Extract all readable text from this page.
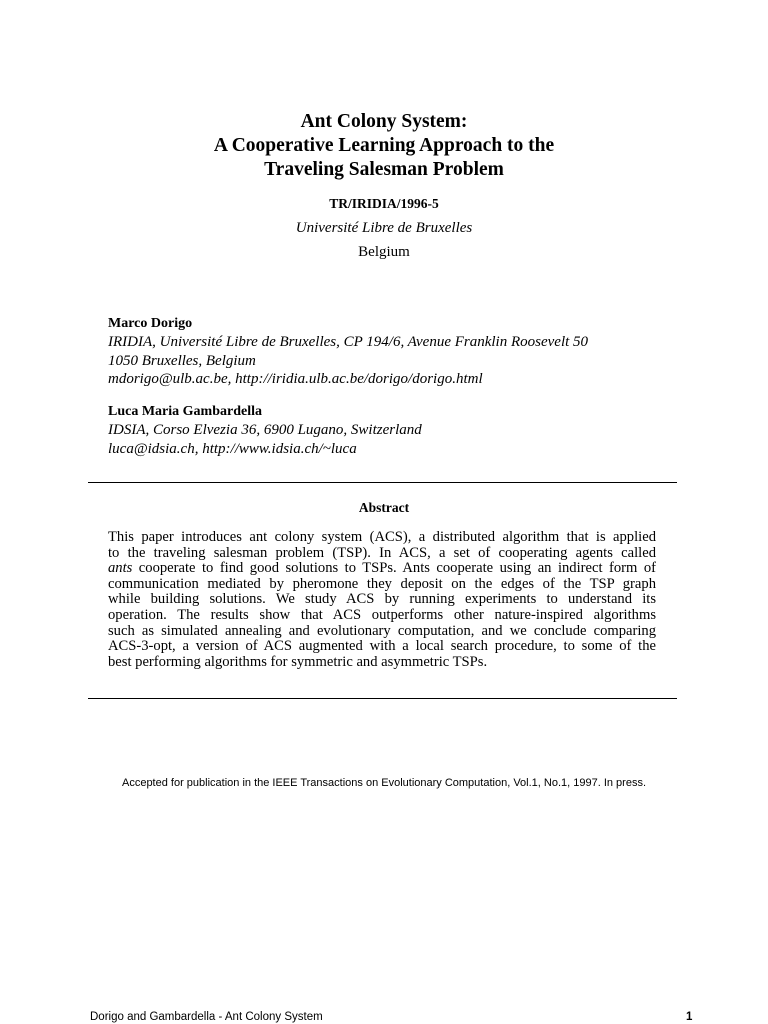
Ant Colony System:
A Cooperative Learning Approach to the
Traveling Salesman Problem
TR/IRIDIA/1996-5
Université Libre de Bruxelles
Belgium
Marco Dorigo
IRIDIA, Université Libre de Bruxelles, CP 194/6, Avenue Franklin Roosevelt 50
1050 Bruxelles, Belgium
mdorigo@ulb.ac.be, http://iridia.ulb.ac.be/dorigo/dorigo.html
Luca Maria Gambardella
IDSIA, Corso Elvezia 36, 6900 Lugano, Switzerland
luca@idsia.ch, http://www.idsia.ch/~luca
Abstract
This paper introduces ant colony system (ACS), a distributed algorithm that is applied
to the traveling salesman problem (TSP). In ACS, a set of cooperating agents called
ants cooperate to find good solutions to TSPs. Ants cooperate using an indirect form of
communication mediated by pheromone they deposit on the edges of the TSP graph
while building solutions. We study ACS by running experiments to understand its
operation. The results show that ACS outperforms other nature-inspired algorithms
such as simulated annealing and evolutionary computation, and we conclude comparing
ACS-3-opt, a version of ACS augmented with a local search procedure, to some of the
best performing algorithms for symmetric and asymmetric TSPs.
Accepted for publication in the IEEE Transactions on Evolutionary Computation, Vol.1, No.1, 1997. In press.
Dorigo and Gambardella - Ant Colony System	1
